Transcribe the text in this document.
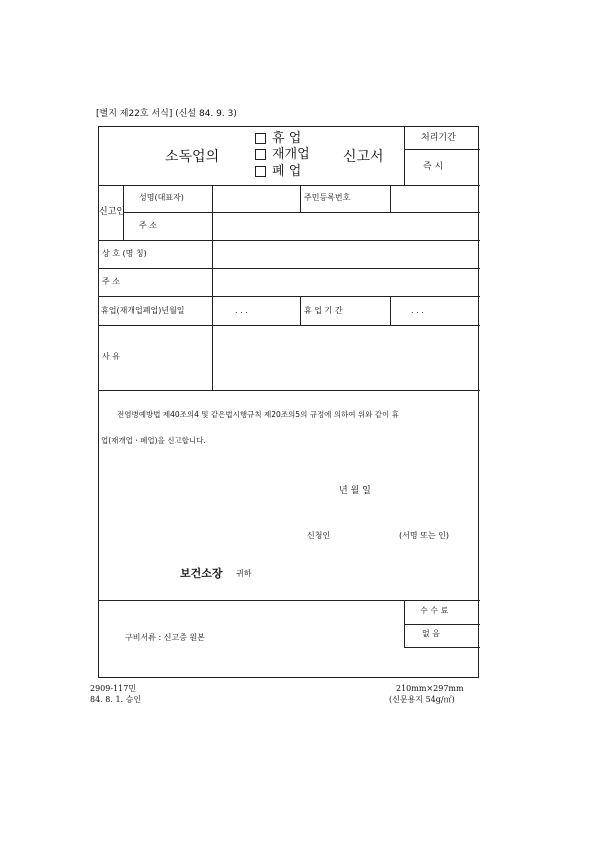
[별지 제22호 서식] (신설 84. 9. 3)
소독업의
휴 업
재개업
폐 업
신고서
처리기간
즉 시
신고인
성명(대표자)	주민등록번호
주 소
상 호 (명 칭)
주 소
휴업(재개업폐업)년월일	. . .	휴 업 기 간	. . .
사 유
전염병예방법 제40조의4 및 같은법시행규칙 제20조의5의 규정에 의하여 위와 같이 휴
업(재개업ㆍ폐업)을 신고합니다.
년 월 일
신청인	(서명 또는 인)
보건소장 귀하
구비서류 : 신고증 원본
수 수 료
없 음
2909-117민
84. 8. 1. 승인
210mm×297mm
(신문용지 54g/㎡)
